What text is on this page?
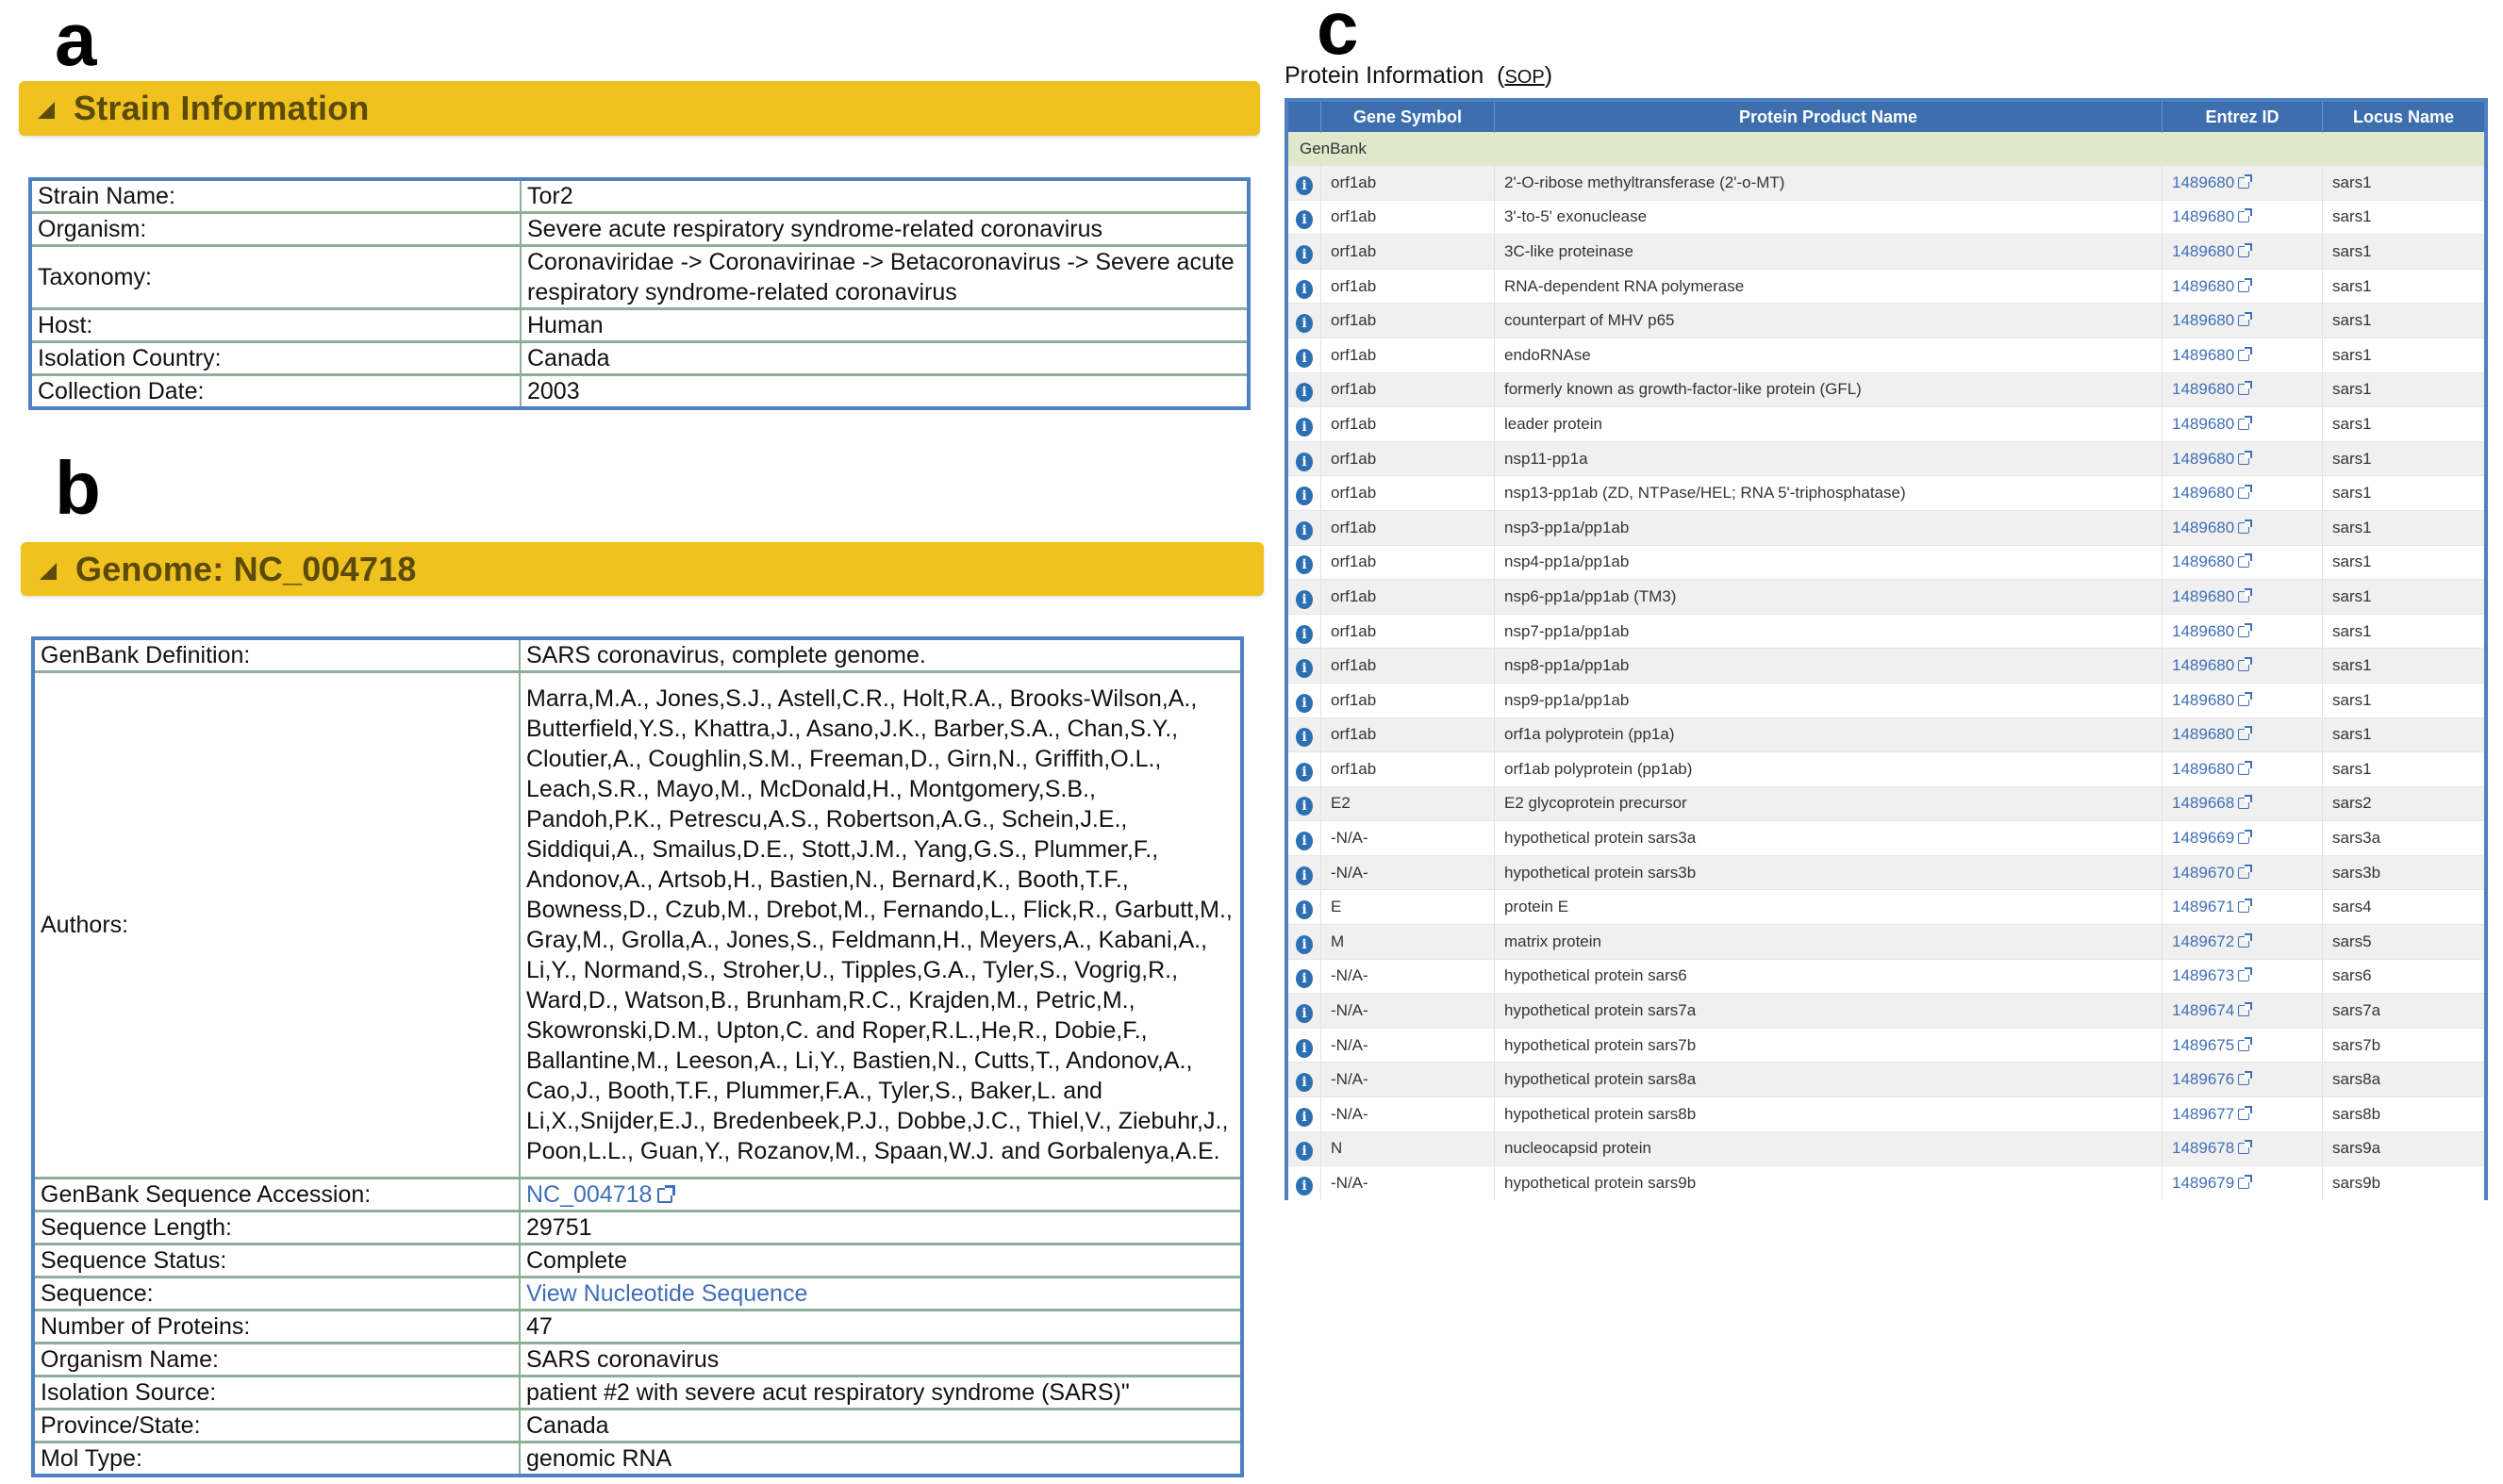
a
b
c
Strain Information
Strain Name:	Tor2
Organism:	Severe acute respiratory syndrome-related coronavirus
Taxonomy:	Coronaviridae -> Coronavirinae -> Betacoronavirus -> Severe acute respiratory syndrome-related coronavirus
Host:	Human
Isolation Country:	Canada
Collection Date:	2003
Genome: NC_004718
GenBank Definition:	SARS coronavirus, complete genome.
Authors:	Marra,M.A., Jones,S.J., Astell,C.R., Holt,R.A., Brooks-Wilson,A., Butterfield,Y.S., Khattra,J., Asano,J.K., Barber,S.A., Chan,S.Y., Cloutier,A., Coughlin,S.M., Freeman,D., Girn,N., Griffith,O.L., Leach,S.R., Mayo,M., McDonald,H., Montgomery,S.B., Pandoh,P.K., Petrescu,A.S., Robertson,A.G., Schein,J.E., Siddiqui,A., Smailus,D.E., Stott,J.M., Yang,G.S., Plummer,F., Andonov,A., Artsob,H., Bastien,N., Bernard,K., Booth,T.F., Bowness,D., Czub,M., Drebot,M., Fernando,L., Flick,R., Garbutt,M., Gray,M., Grolla,A., Jones,S., Feldmann,H., Meyers,A., Kabani,A., Li,Y., Normand,S., Stroher,U., Tipples,G.A., Tyler,S., Vogrig,R., Ward,D., Watson,B., Brunham,R.C., Krajden,M., Petric,M., Skowronski,D.M., Upton,C. and Roper,R.L.,He,R., Dobie,F., Ballantine,M., Leeson,A., Li,Y., Bastien,N., Cutts,T., Andonov,A., Cao,J., Booth,T.F., Plummer,F.A., Tyler,S., Baker,L. and Li,X.,Snijder,E.J., Bredenbeek,P.J., Dobbe,J.C., Thiel,V., Ziebuhr,J., Poon,L.L., Guan,Y., Rozanov,M., Spaan,W.J. and Gorbalenya,A.E.
GenBank Sequence Accession:	NC_004718
Sequence Length:	29751
Sequence Status:	Complete
Sequence:	View Nucleotide Sequence
Number of Proteins:	47
Organism Name:	SARS coronavirus
Isolation Source:	patient #2 with severe acut respiratory syndrome (SARS)"
Province/State:	Canada
Mol Type:	genomic RNA
Protein Information  (SOP)
	Gene Symbol	Protein Product Name	Entrez ID	Locus Name
GenBank				
i	orf1ab	2'-O-ribose methyltransferase (2'-o-MT)	1489680	sars1
i	orf1ab	3'-to-5' exonuclease	1489680	sars1
i	orf1ab	3C-like proteinase	1489680	sars1
i	orf1ab	RNA-dependent RNA polymerase	1489680	sars1
i	orf1ab	counterpart of MHV p65	1489680	sars1
i	orf1ab	endoRNAse	1489680	sars1
i	orf1ab	formerly known as growth-factor-like protein (GFL)	1489680	sars1
i	orf1ab	leader protein	1489680	sars1
i	orf1ab	nsp11-pp1a	1489680	sars1
i	orf1ab	nsp13-pp1ab (ZD, NTPase/HEL; RNA 5'-triphosphatase)	1489680	sars1
i	orf1ab	nsp3-pp1a/pp1ab	1489680	sars1
i	orf1ab	nsp4-pp1a/pp1ab	1489680	sars1
i	orf1ab	nsp6-pp1a/pp1ab (TM3)	1489680	sars1
i	orf1ab	nsp7-pp1a/pp1ab	1489680	sars1
i	orf1ab	nsp8-pp1a/pp1ab	1489680	sars1
i	orf1ab	nsp9-pp1a/pp1ab	1489680	sars1
i	orf1ab	orf1a polyprotein (pp1a)	1489680	sars1
i	orf1ab	orf1ab polyprotein (pp1ab)	1489680	sars1
i	E2	E2 glycoprotein precursor	1489668	sars2
i	-N/A-	hypothetical protein sars3a	1489669	sars3a
i	-N/A-	hypothetical protein sars3b	1489670	sars3b
i	E	protein E	1489671	sars4
i	M	matrix protein	1489672	sars5
i	-N/A-	hypothetical protein sars6	1489673	sars6
i	-N/A-	hypothetical protein sars7a	1489674	sars7a
i	-N/A-	hypothetical protein sars7b	1489675	sars7b
i	-N/A-	hypothetical protein sars8a	1489676	sars8a
i	-N/A-	hypothetical protein sars8b	1489677	sars8b
i	N	nucleocapsid protein	1489678	sars9a
i	-N/A-	hypothetical protein sars9b	1489679	sars9b
